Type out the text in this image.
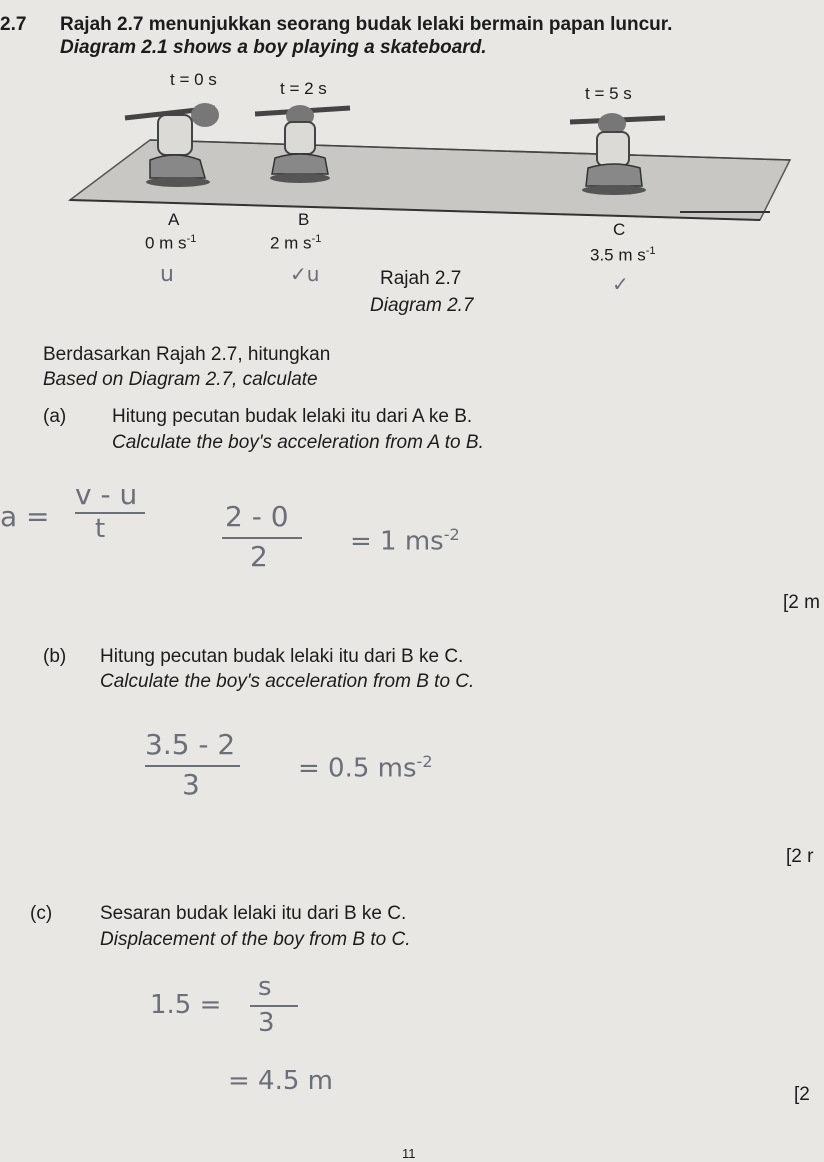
2.7 Rajah 2.7 menunjukkan seorang budak lelaki bermain papan luncur.
Diagram 2.1 shows a boy playing a skateboard.
t = 0 s	t = 2 s	t = 5 s
A	B
C
0 m $s^{-1}$	2 m $s^{-1}$
3.5 m $s^{-1}$
u	✓u	✓
Rajah 2.7
Diagram 2.7
Berdasarkan Rajah 2.7, hitungkan
Based on Diagram 2.7, calculate
(a) Hitung pecutan budak lelaki itu dari A ke B.
Calculate the boy's acceleration from A to B.
a =
v - u
t	2 - 0
2	= 1 $ms^{-2}$
[2 m
(b) Hitung pecutan budak lelaki itu dari B ke C.
Calculate the boy's acceleration from B to C.
3.5 - 2
3	= 0.5 $ms^{-2}$
[2 r
(c)	Sesaran budak lelaki itu dari B ke C.
Displacement of the boy from B to C.
1.5 =
s
3
= 4.5 m	[2
11
